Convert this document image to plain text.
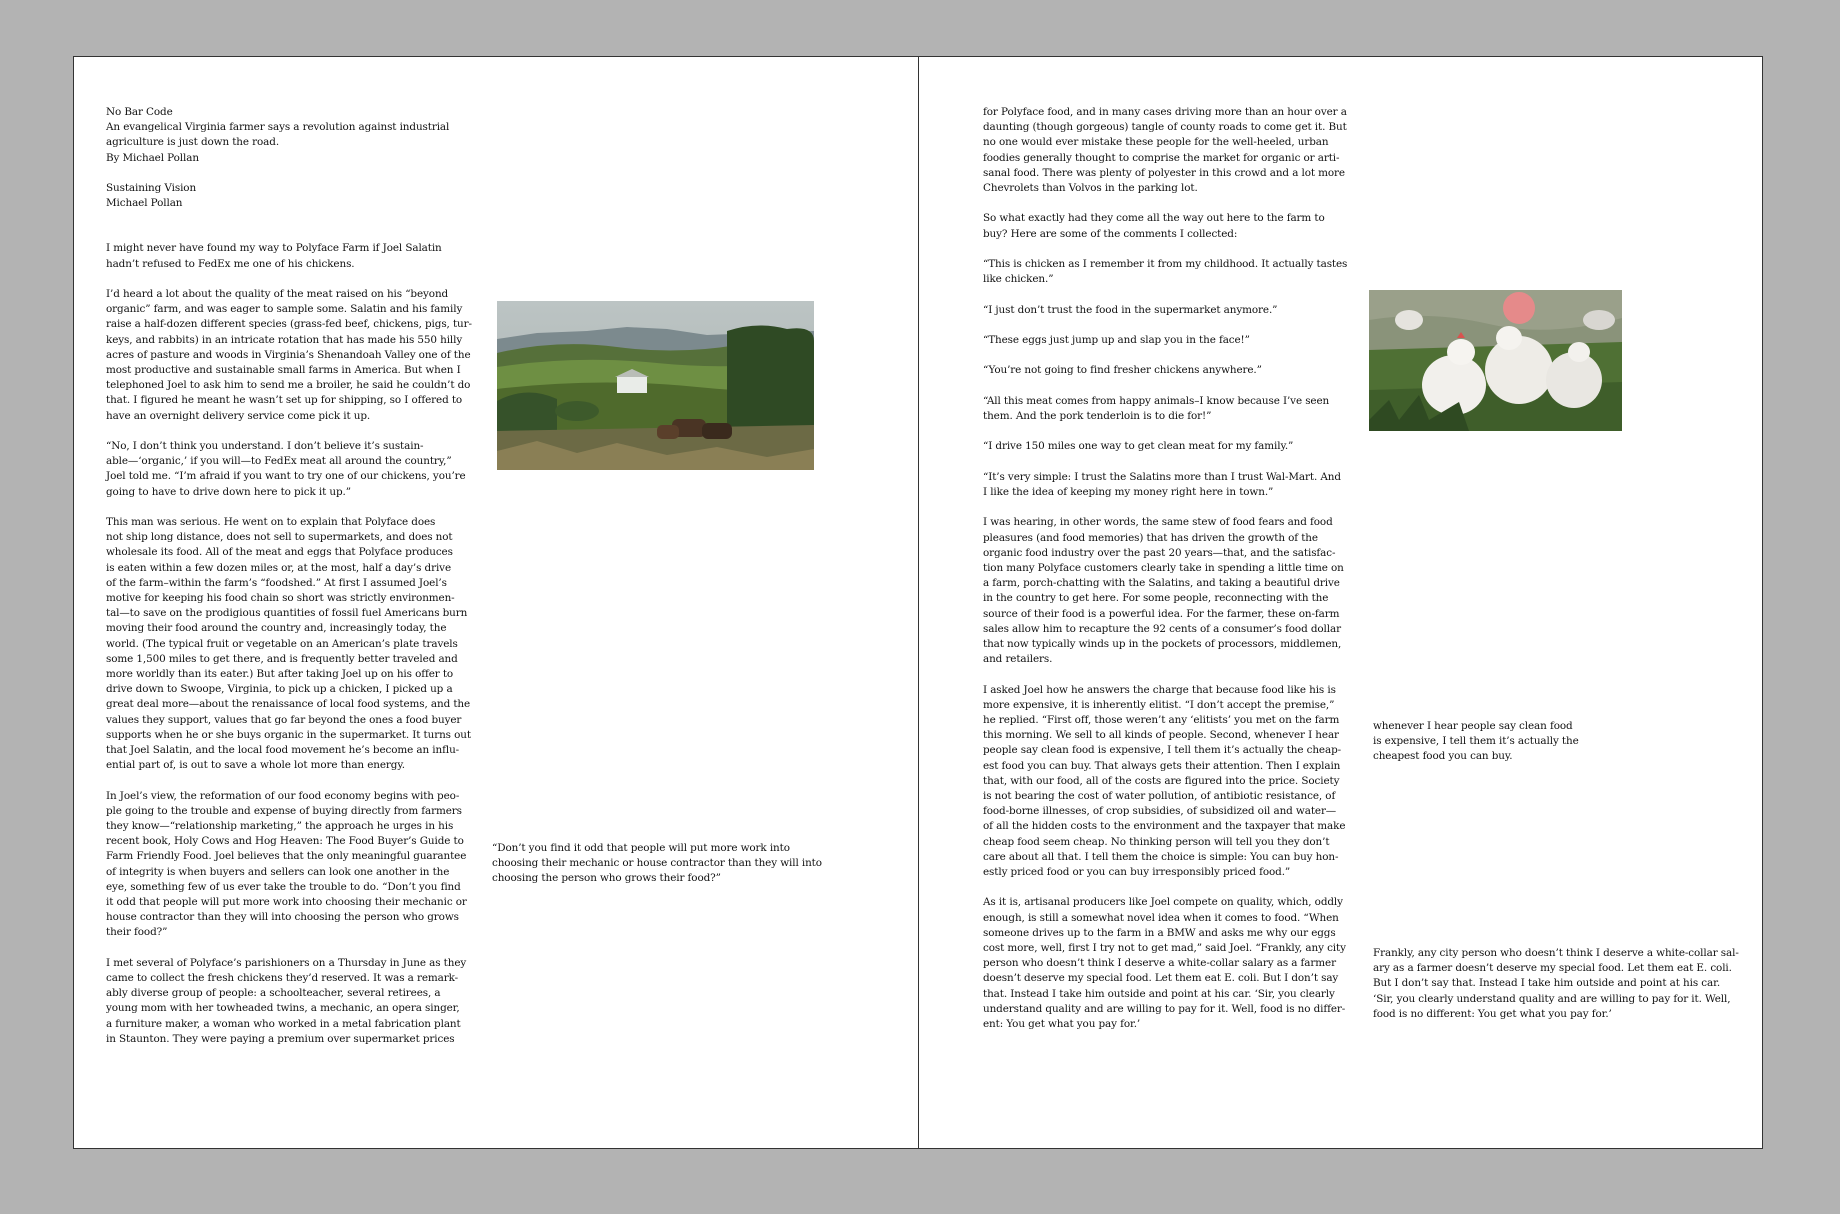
No Bar Code
An evangelical Virginia farmer says a revolution against industrial
agriculture is just down the road.
By Michael Pollan
Sustaining Vision
Michael Pollan

I might never have found my way to Polyface Farm if Joel Salatin
hadn’t refused to FedEx me one of his chickens.

I’d heard a lot about the quality of the meat raised on his “beyond
organic” farm, and was eager to sample some. Salatin and his family
raise a half-dozen different species (grass-fed beef, chickens, pigs, tur-
keys, and rabbits) in an intricate rotation that has made his 550 hilly
acres of pasture and woods in Virginia’s Shenandoah Valley one of the
most productive and sustainable small farms in America. But when I
telephoned Joel to ask him to send me a broiler, he said he couldn’t do
that. I figured he meant he wasn’t set up for shipping, so I offered to
have an overnight delivery service come pick it up.

“No, I don’t think you understand. I don’t believe it’s sustain-
able—‘organic,’ if you will—to FedEx meat all around the country,”
Joel told me. “I’m afraid if you want to try one of our chickens, you’re
going to have to drive down here to pick it up.”

This man was serious. He went on to explain that Polyface does
not ship long distance, does not sell to supermarkets, and does not
wholesale its food. All of the meat and eggs that Polyface produces
is eaten within a few dozen miles or, at the most, half a day’s drive
of the farm–within the farm’s “foodshed.” At first I assumed Joel’s
motive for keeping his food chain so short was strictly environmen-
tal—to save on the prodigious quantities of fossil fuel Americans burn
moving their food around the country and, increasingly today, the
world. (The typical fruit or vegetable on an American’s plate travels
some 1,500 miles to get there, and is frequently better traveled and
more worldly than its eater.) But after taking Joel up on his offer to
drive down to Swoope, Virginia, to pick up a chicken, I picked up a
great deal more—about the renaissance of local food systems, and the
values they support, values that go far beyond the ones a food buyer
supports when he or she buys organic in the supermarket. It turns out
that Joel Salatin, and the local food movement he’s become an influ-
ential part of, is out to save a whole lot more than energy.

In Joel’s view, the reformation of our food economy begins with peo-
ple going to the trouble and expense of buying directly from farmers
they know—“relationship marketing,” the approach he urges in his
recent book, Holy Cows and Hog Heaven: The Food Buyer’s Guide to
Farm Friendly Food. Joel believes that the only meaningful guarantee
of integrity is when buyers and sellers can look one another in the
eye, something few of us ever take the trouble to do. “Don’t you find
it odd that people will put more work into choosing their mechanic or
house contractor than they will into choosing the person who grows
their food?”

I met several of Polyface’s parishioners on a Thursday in June as they
came to collect the fresh chickens they’d reserved. It was a remark-
ably diverse group of people: a schoolteacher, several retirees, a
young mom with her towheaded twins, a mechanic, an opera singer,
a furniture maker, a woman who worked in a metal fabrication plant
in Staunton. They were paying a premium over supermarket prices

“Don’t you find it odd that people will put more work into
choosing their mechanic or house contractor than they will into
choosing the person who grows their food?”

for Polyface food, and in many cases driving more than an hour over a
daunting (though gorgeous) tangle of county roads to come get it. But
no one would ever mistake these people for the well-heeled, urban
foodies generally thought to comprise the market for organic or arti-
sanal food. There was plenty of polyester in this crowd and a lot more
Chevrolets than Volvos in the parking lot.

So what exactly had they come all the way out here to the farm to
buy? Here are some of the comments I collected:

“This is chicken as I remember it from my childhood. It actually tastes
like chicken.”

“I just don’t trust the food in the supermarket anymore.”

“These eggs just jump up and slap you in the face!”

“You’re not going to find fresher chickens anywhere.”

“All this meat comes from happy animals–I know because I’ve seen
them. And the pork tenderloin is to die for!”

“I drive 150 miles one way to get clean meat for my family.”

“It’s very simple: I trust the Salatins more than I trust Wal-Mart. And
I like the idea of keeping my money right here in town.”

I was hearing, in other words, the same stew of food fears and food
pleasures (and food memories) that has driven the growth of the
organic food industry over the past 20 years—that, and the satisfac-
tion many Polyface customers clearly take in spending a little time on
a farm, porch-chatting with the Salatins, and taking a beautiful drive
in the country to get here. For some people, reconnecting with the
source of their food is a powerful idea. For the farmer, these on-farm
sales allow him to recapture the 92 cents of a consumer’s food dollar
that now typically winds up in the pockets of processors, middlemen,
and retailers.

I asked Joel how he answers the charge that because food like his is
more expensive, it is inherently elitist. “I don’t accept the premise,”
he replied. “First off, those weren’t any ‘elitists’ you met on the farm
this morning. We sell to all kinds of people. Second, whenever I hear
people say clean food is expensive, I tell them it’s actually the cheap-
est food you can buy. That always gets their attention. Then I explain
that, with our food, all of the costs are figured into the price. Society
is not bearing the cost of water pollution, of antibiotic resistance, of
food-borne illnesses, of crop subsidies, of subsidized oil and water—
of all the hidden costs to the environment and the taxpayer that make
cheap food seem cheap. No thinking person will tell you they don’t
care about all that. I tell them the choice is simple: You can buy hon-
estly priced food or you can buy irresponsibly priced food.”

As it is, artisanal producers like Joel compete on quality, which, oddly
enough, is still a somewhat novel idea when it comes to food. “When
someone drives up to the farm in a BMW and asks me why our eggs
cost more, well, first I try not to get mad,” said Joel. “Frankly, any city
person who doesn’t think I deserve a white-collar salary as a farmer
doesn’t deserve my special food. Let them eat E. coli. But I don’t say
that. Instead I take him outside and point at his car. ‘Sir, you clearly
understand quality and are willing to pay for it. Well, food is no differ-
ent: You get what you pay for.’

whenever I hear people say clean food
is expensive, I tell them it’s actually the
cheapest food you can buy.

Frankly, any city person who doesn’t think I deserve a white-collar sal-
ary as a farmer doesn’t deserve my special food. Let them eat E. coli.
But I don’t say that. Instead I take him outside and point at his car.
‘Sir, you clearly understand quality and are willing to pay for it. Well,
food is no different: You get what you pay for.’
